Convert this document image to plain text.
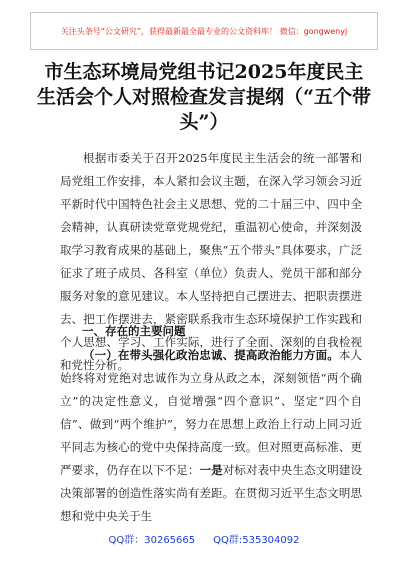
关注头条号“公文研究”，获得最新最全最专业的公文资料库！ 微信：gongwenyj
市生态环境局党组书记2025年度民主生活会个人对照检查发言提纲（“五个带头”）
根据市委关于召开2025年度民主生活会的统一部署和局党组工作安排，本人紧扣会议主题，在深入学习领会习近平新时代中国特色社会主义思想、党的二十届三中、四中全会精神，认真研读党章党规党纪，重温初心使命，并深刻汲取学习教育成果的基础上，聚焦“五个带头”具体要求，广泛征求了班子成员、各科室（单位）负责人、党员干部和部分服务对象的意见建议。本人坚持把自己摆进去、把职责摆进去、把工作摆进去，紧密联系我市生态环境保护工作实践和个人思想、学习、工作实际，进行了全面、深刻的自我检视和党性分析。
一、存在的主要问题
（一）在带头强化政治忠诚、提高政治能力方面。本人始终将对党绝对忠诚作为立身从政之本，深刻领悟“两个确立”的决定性意义，自觉增强“四个意识”、坚定“四个自信”、做到“两个维护”，努力在思想上政治上行动上同习近平同志为核心的党中央保持高度一致。但对照更高标准、更严要求，仍存在以下不足：一是对标对表中央生态文明建设决策部署的创造性落实尚有差距。在贯彻习近平生态文明思想和党中央关于生
QQ群：30265665 QQ群:535304092
